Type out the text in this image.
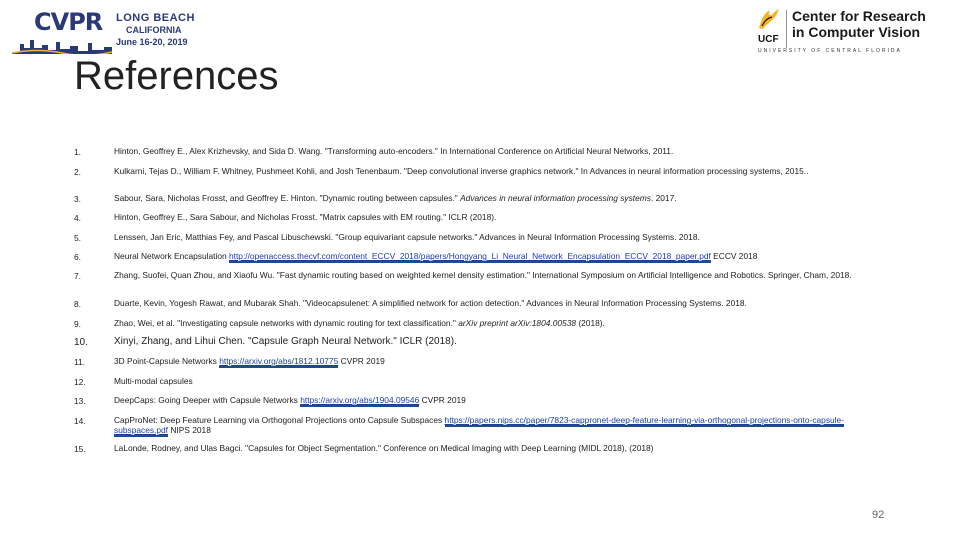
CVPR LONG BEACH
CALIFORNIA
June 16-20, 2019	UCF
Center for Research
in Computer Vision
UNIVERSITY OF CENTRAL FLORIDA
References
1.	Hinton, Geoffrey E., Alex Krizhevsky, and Sida D. Wang. "Transforming auto-encoders." In International Conference on Artificial Neural Networks, 2011.
2.	Kulkarni, Tejas D., William F. Whitney, Pushmeet Kohli, and Josh Tenenbaum. "Deep convolutional inverse graphics network." In Advances in neural information processing systems, 2015..
3.	Sabour, Sara, Nicholas Frosst, and Geoffrey E. Hinton. "Dynamic routing between capsules." Advances in neural information processing systems. 2017.
4.	Hinton, Geoffrey E., Sara Sabour, and Nicholas Frosst. "Matrix capsules with EM routing." ICLR (2018).
5.	Lenssen, Jan Eric, Matthias Fey, and Pascal Libuschewski. "Group equivariant capsule networks." Advances in Neural Information Processing Systems. 2018.
6.	Neural Network Encapsulation http://openaccess.thecvf.com/content_ECCV_2018/papers/Hongyang_Li_Neural_Network_Encapsulation_ECCV_2018_paper.pdf ECCV 2018
7.	Zhang, Suofei, Quan Zhou, and Xiaofu Wu. "Fast dynamic routing based on weighted kernel density estimation." International Symposium on Artificial Intelligence and Robotics. Springer, Cham, 2018.
8.	Duarte, Kevin, Yogesh Rawat, and Mubarak Shah. "Videocapsulenet: A simplified network for action detection." Advances in Neural Information Processing Systems. 2018.
9.	Zhao, Wei, et al. "Investigating capsule networks with dynamic routing for text classification." arXiv preprint arXiv:1804.00538 (2018).
10.	Xinyi, Zhang, and Lihui Chen. "Capsule Graph Neural Network." ICLR (2018).
11.	3D Point-Capsule Networks https://arxiv.org/abs/1812.10775 CVPR 2019
12.	Multi-modal capsules
13.	DeepCaps: Going Deeper with Capsule Networks https://arxiv.org/abs/1904.09546 CVPR 2019
14.	CapProNet: Deep Feature Learning via Orthogonal Projections onto Capsule Subspaces https://papers.nips.cc/paper/7823-cappronet-deep-feature-learning-via-orthogonal-projections-onto-capsule-subspaces.pdf NIPS 2018
15.	LaLonde, Rodney, and Ulas Bagci. "Capsules for Object Segmentation." Conference on Medical Imaging with Deep Learning (MIDL 2018), (2018)
92
